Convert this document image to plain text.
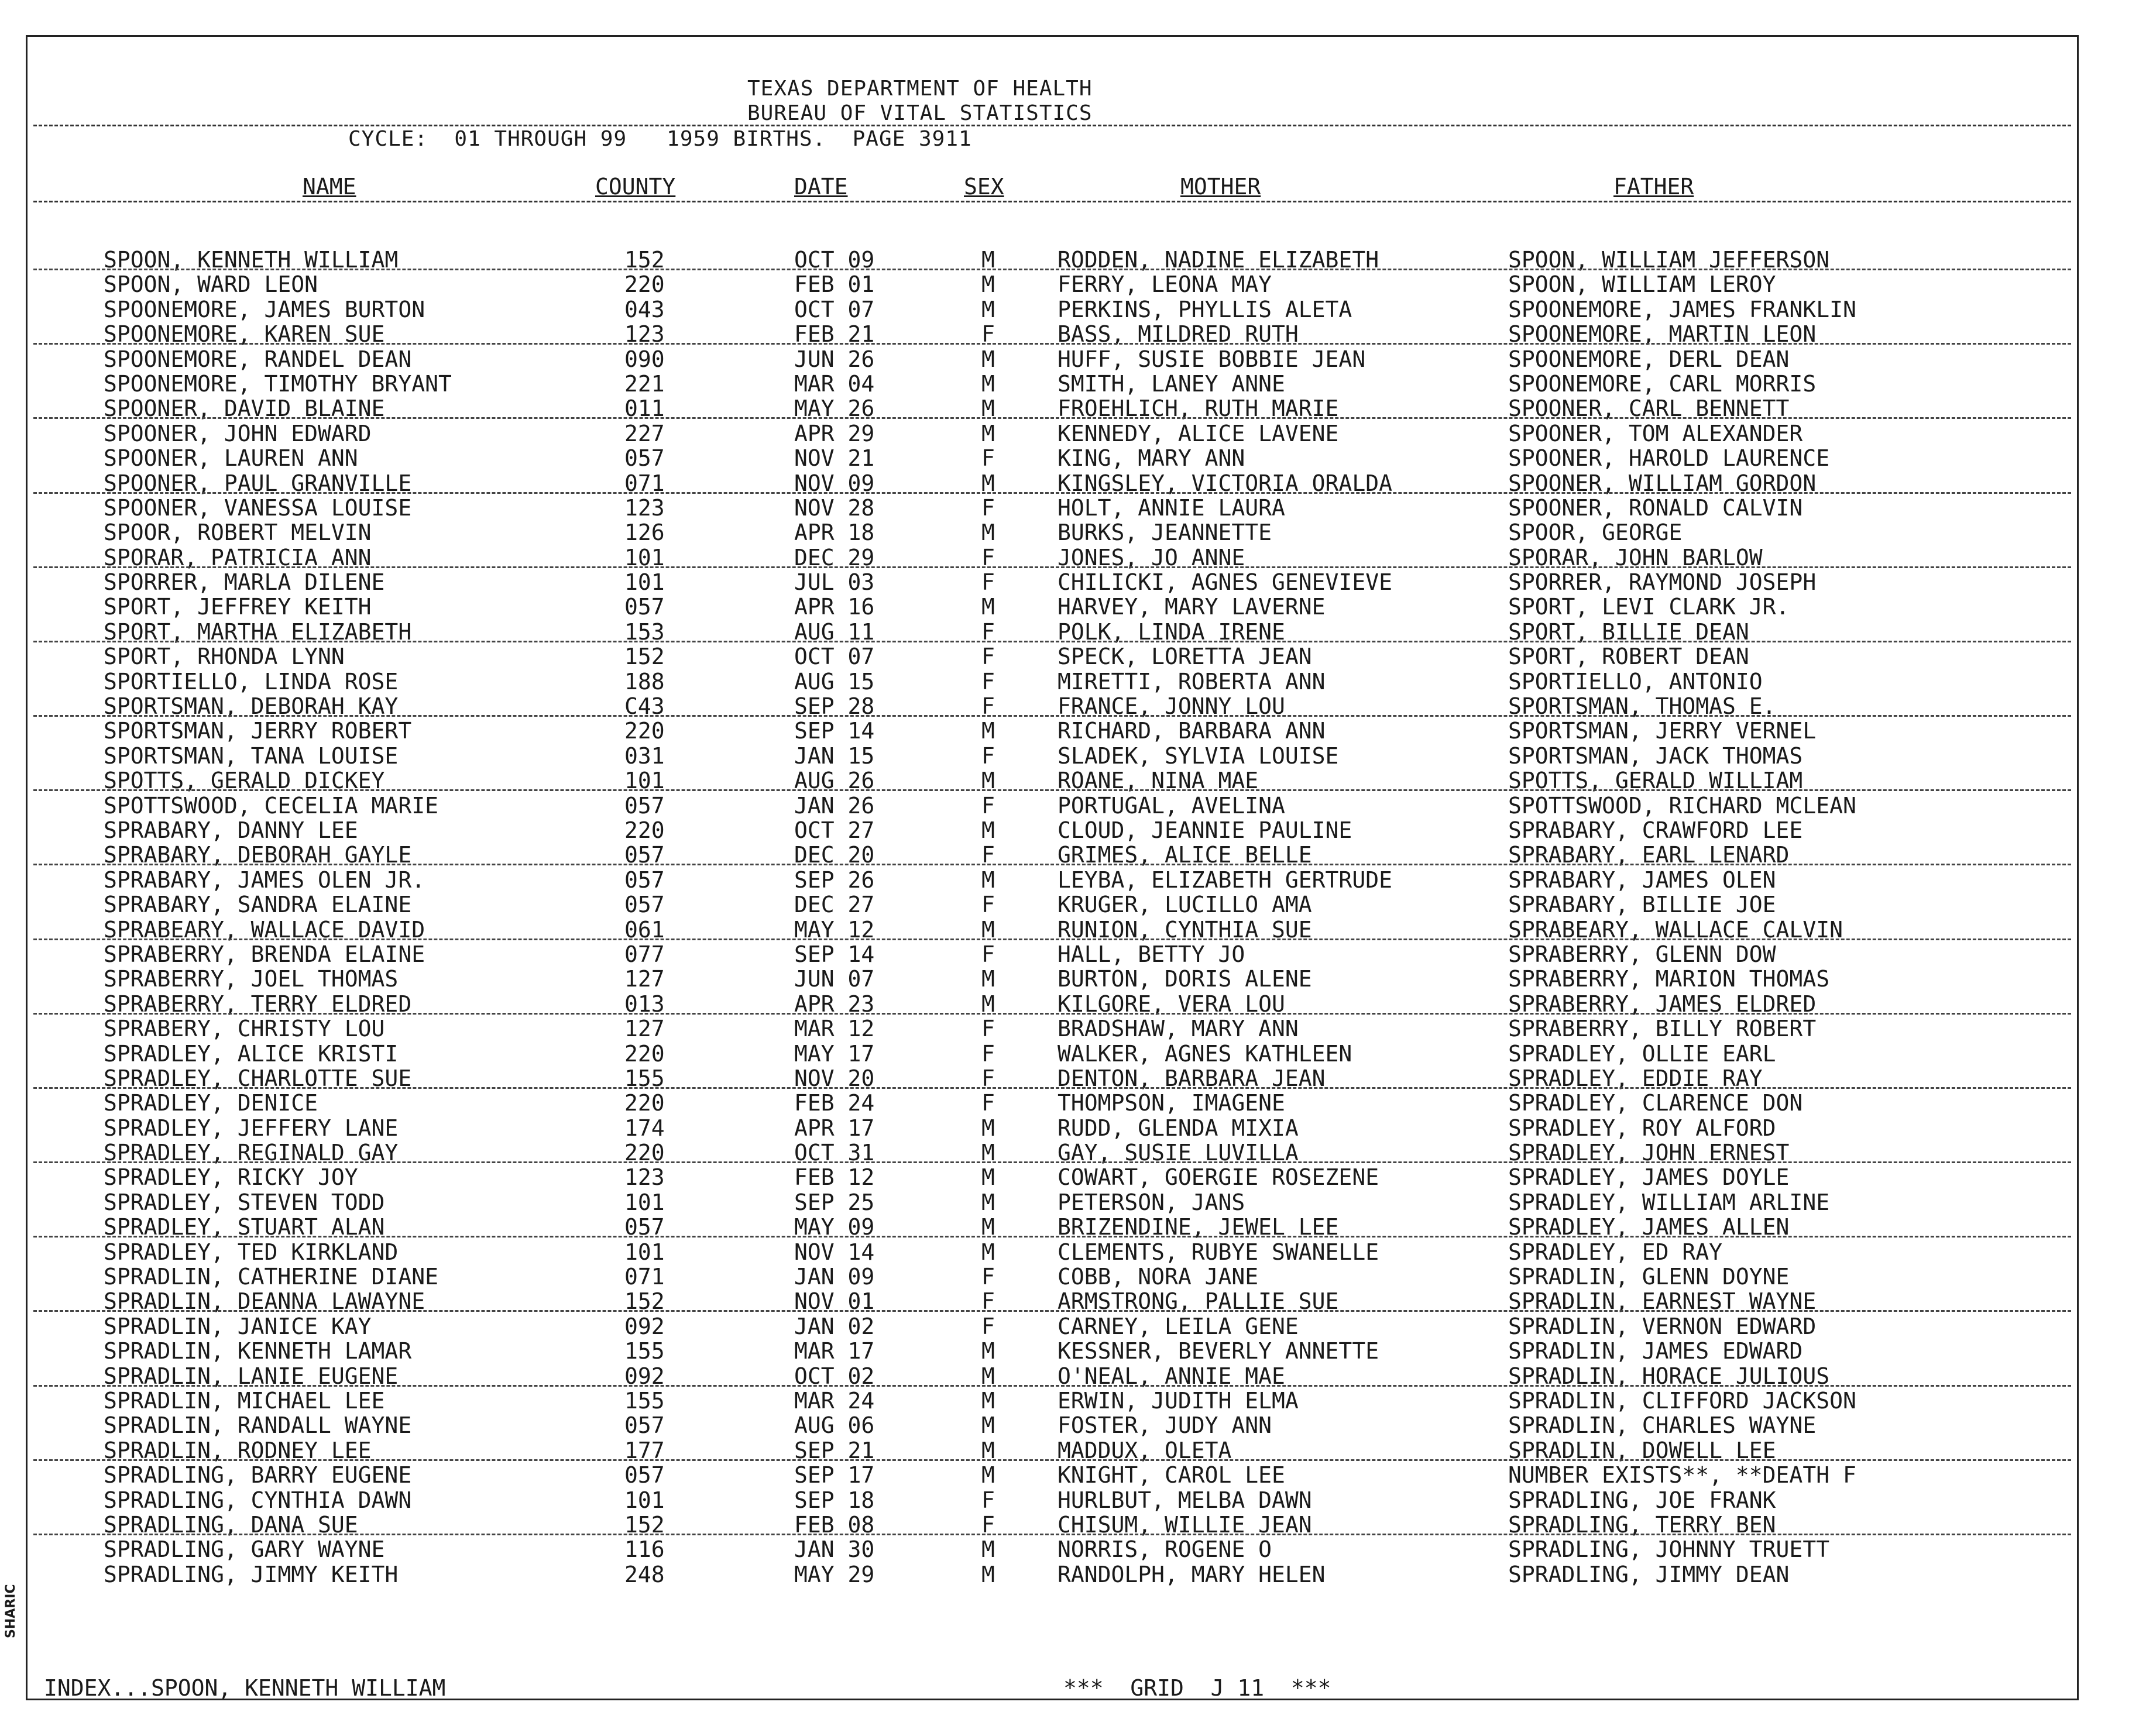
SHARIC
TEXAS DEPARTMENT OF HEALTH
BUREAU OF VITAL STATISTICS
CYCLE:  01 THROUGH 99   1959 BIRTHS.  PAGE 3911
NAME	COUNTY	DATE	SEX	MOTHER	FATHER
SPOON, KENNETH WILLIAM	152	OCT 09	M	RODDEN, NADINE ELIZABETH	SPOON, WILLIAM JEFFERSON
SPOON, WARD LEON	220	FEB 01	M	FERRY, LEONA MAY	SPOON, WILLIAM LEROY
SPOONEMORE, JAMES BURTON	043	OCT 07	M	PERKINS, PHYLLIS ALETA	SPOONEMORE, JAMES FRANKLIN
SPOONEMORE, KAREN SUE	123	FEB 21	F	BASS, MILDRED RUTH	SPOONEMORE, MARTIN LEON
SPOONEMORE, RANDEL DEAN	090	JUN 26	M	HUFF, SUSIE BOBBIE JEAN	SPOONEMORE, DERL DEAN
SPOONEMORE, TIMOTHY BRYANT	221	MAR 04	M	SMITH, LANEY ANNE	SPOONEMORE, CARL MORRIS
SPOONER, DAVID BLAINE	011	MAY 26	M	FROEHLICH, RUTH MARIE	SPOONER, CARL BENNETT
SPOONER, JOHN EDWARD	227	APR 29	M	KENNEDY, ALICE LAVENE	SPOONER, TOM ALEXANDER
SPOONER, LAUREN ANN	057	NOV 21	F	KING, MARY ANN	SPOONER, HAROLD LAURENCE
SPOONER, PAUL GRANVILLE	071	NOV 09	M	KINGSLEY, VICTORIA ORALDA	SPOONER, WILLIAM GORDON
SPOONER, VANESSA LOUISE	123	NOV 28	F	HOLT, ANNIE LAURA	SPOONER, RONALD CALVIN
SPOOR, ROBERT MELVIN	126	APR 18	M	BURKS, JEANNETTE	SPOOR, GEORGE
SPORAR, PATRICIA ANN	101	DEC 29	F	JONES, JO ANNE	SPORAR, JOHN BARLOW
SPORRER, MARLA DILENE	101	JUL 03	F	CHILICKI, AGNES GENEVIEVE	SPORRER, RAYMOND JOSEPH
SPORT, JEFFREY KEITH	057	APR 16	M	HARVEY, MARY LAVERNE	SPORT, LEVI CLARK JR.
SPORT, MARTHA ELIZABETH	153	AUG 11	F	POLK, LINDA IRENE	SPORT, BILLIE DEAN
SPORT, RHONDA LYNN	152	OCT 07	F	SPECK, LORETTA JEAN	SPORT, ROBERT DEAN
SPORTIELLO, LINDA ROSE	188	AUG 15	F	MIRETTI, ROBERTA ANN	SPORTIELLO, ANTONIO
SPORTSMAN, DEBORAH KAY	C43	SEP 28	F	FRANCE, JONNY LOU	SPORTSMAN, THOMAS E.
SPORTSMAN, JERRY ROBERT	220	SEP 14	M	RICHARD, BARBARA ANN	SPORTSMAN, JERRY VERNEL
SPORTSMAN, TANA LOUISE	031	JAN 15	F	SLADEK, SYLVIA LOUISE	SPORTSMAN, JACK THOMAS
SPOTTS, GERALD DICKEY	101	AUG 26	M	ROANE, NINA MAE	SPOTTS, GERALD WILLIAM
SPOTTSWOOD, CECELIA MARIE	057	JAN 26	F	PORTUGAL, AVELINA	SPOTTSWOOD, RICHARD MCLEAN
SPRABARY, DANNY LEE	220	OCT 27	M	CLOUD, JEANNIE PAULINE	SPRABARY, CRAWFORD LEE
SPRABARY, DEBORAH GAYLE	057	DEC 20	F	GRIMES, ALICE BELLE	SPRABARY, EARL LENARD
SPRABARY, JAMES OLEN JR.	057	SEP 26	M	LEYBA, ELIZABETH GERTRUDE	SPRABARY, JAMES OLEN
SPRABARY, SANDRA ELAINE	057	DEC 27	F	KRUGER, LUCILLO AMA	SPRABARY, BILLIE JOE
SPRABEARY, WALLACE DAVID	061	MAY 12	M	RUNION, CYNTHIA SUE	SPRABEARY, WALLACE CALVIN
SPRABERRY, BRENDA ELAINE	077	SEP 14	F	HALL, BETTY JO	SPRABERRY, GLENN DOW
SPRABERRY, JOEL THOMAS	127	JUN 07	M	BURTON, DORIS ALENE	SPRABERRY, MARION THOMAS
SPRABERRY, TERRY ELDRED	013	APR 23	M	KILGORE, VERA LOU	SPRABERRY, JAMES ELDRED
SPRABERY, CHRISTY LOU	127	MAR 12	F	BRADSHAW, MARY ANN	SPRABERRY, BILLY ROBERT
SPRADLEY, ALICE KRISTI	220	MAY 17	F	WALKER, AGNES KATHLEEN	SPRADLEY, OLLIE EARL
SPRADLEY, CHARLOTTE SUE	155	NOV 20	F	DENTON, BARBARA JEAN	SPRADLEY, EDDIE RAY
SPRADLEY, DENICE	220	FEB 24	F	THOMPSON, IMAGENE	SPRADLEY, CLARENCE DON
SPRADLEY, JEFFERY LANE	174	APR 17	M	RUDD, GLENDA MIXIA	SPRADLEY, ROY ALFORD
SPRADLEY, REGINALD GAY	220	OCT 31	M	GAY, SUSIE LUVILLA	SPRADLEY, JOHN ERNEST
SPRADLEY, RICKY JOY	123	FEB 12	M	COWART, GOERGIE ROSEZENE	SPRADLEY, JAMES DOYLE
SPRADLEY, STEVEN TODD	101	SEP 25	M	PETERSON, JANS	SPRADLEY, WILLIAM ARLINE
SPRADLEY, STUART ALAN	057	MAY 09	M	BRIZENDINE, JEWEL LEE	SPRADLEY, JAMES ALLEN
SPRADLEY, TED KIRKLAND	101	NOV 14	M	CLEMENTS, RUBYE SWANELLE	SPRADLEY, ED RAY
SPRADLIN, CATHERINE DIANE	071	JAN 09	F	COBB, NORA JANE	SPRADLIN, GLENN DOYNE
SPRADLIN, DEANNA LAWAYNE	152	NOV 01	F	ARMSTRONG, PALLIE SUE	SPRADLIN, EARNEST WAYNE
SPRADLIN, JANICE KAY	092	JAN 02	F	CARNEY, LEILA GENE	SPRADLIN, VERNON EDWARD
SPRADLIN, KENNETH LAMAR	155	MAR 17	M	KESSNER, BEVERLY ANNETTE	SPRADLIN, JAMES EDWARD
SPRADLIN, LANIE EUGENE	092	OCT 02	M	O'NEAL, ANNIE MAE	SPRADLIN, HORACE JULIOUS
SPRADLIN, MICHAEL LEE	155	MAR 24	M	ERWIN, JUDITH ELMA	SPRADLIN, CLIFFORD JACKSON
SPRADLIN, RANDALL WAYNE	057	AUG 06	M	FOSTER, JUDY ANN	SPRADLIN, CHARLES WAYNE
SPRADLIN, RODNEY LEE	177	SEP 21	M	MADDUX, OLETA	SPRADLIN, DOWELL LEE
SPRADLING, BARRY EUGENE	057	SEP 17	M	KNIGHT, CAROL LEE	NUMBER EXISTS**, **DEATH F
SPRADLING, CYNTHIA DAWN	101	SEP 18	F	HURLBUT, MELBA DAWN	SPRADLING, JOE FRANK
SPRADLING, DANA SUE	152	FEB 08	F	CHISUM, WILLIE JEAN	SPRADLING, TERRY BEN
SPRADLING, GARY WAYNE	116	JAN 30	M	NORRIS, ROGENE O	SPRADLING, JOHNNY TRUETT
SPRADLING, JIMMY KEITH	248	MAY 29	M	RANDOLPH, MARY HELEN	SPRADLING, JIMMY DEAN
INDEX...SPOON, KENNETH WILLIAM	***  GRID  J 11  ***
